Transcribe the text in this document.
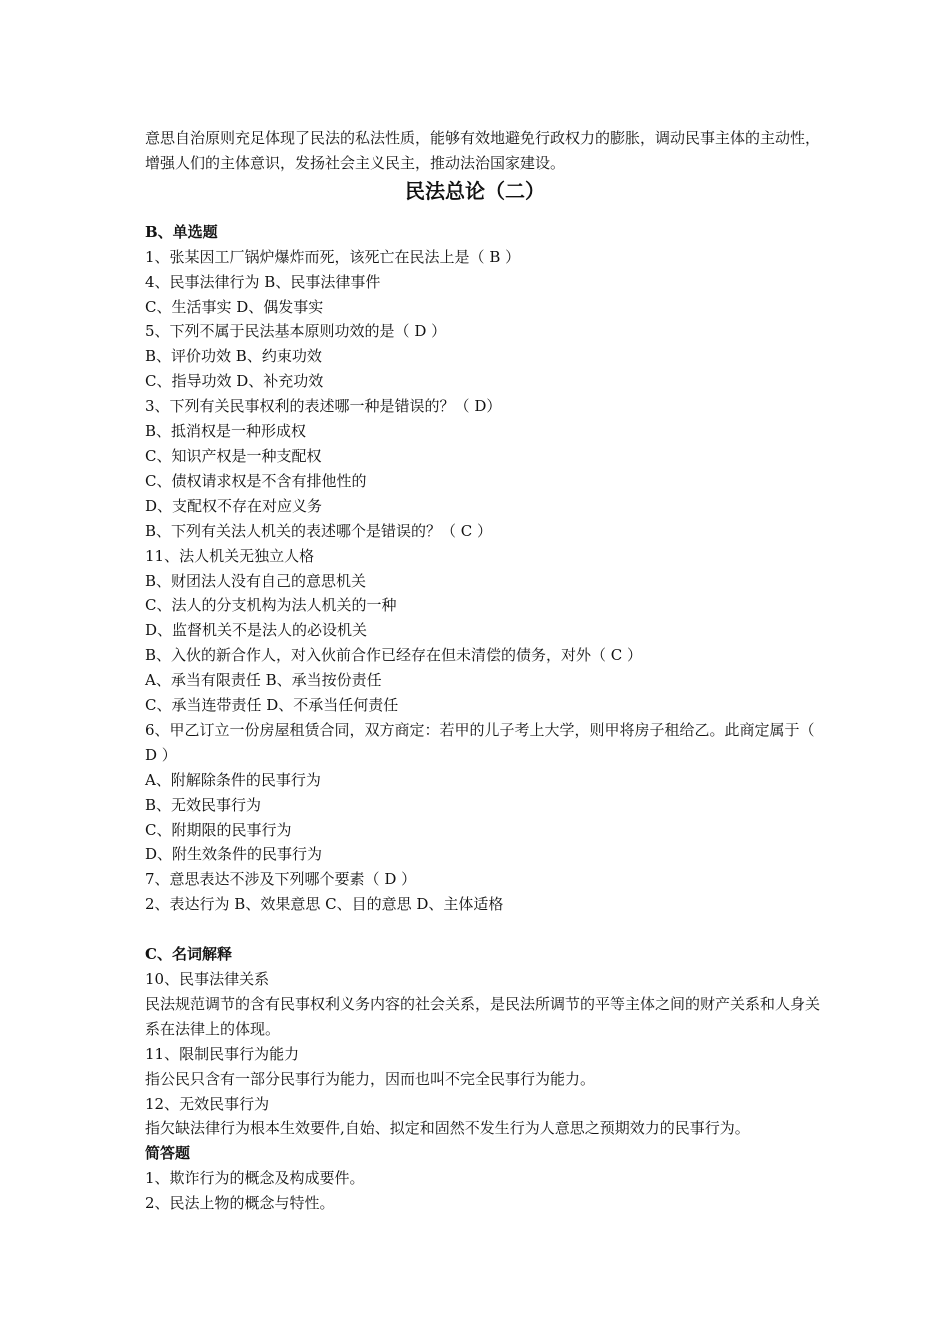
意思自治原则充足体现了民法的私法性质，能够有效地避免行政权力的膨胀，调动民事主体的主动性，增强人们的主体意识，发扬社会主义民主，推动法治国家建设。
民法总论（二）
B、单选题
1、张某因工厂锅炉爆炸而死，该死亡在民法上是（ B ）
4、民事法律行为 B、民事法律事件
C、生活事实 D、偶发事实
5、下列不属于民法基本原则功效的是（ D ）
B、评价功效 B、约束功效
C、指导功效 D、补充功效
3、下列有关民事权利的表述哪一种是错误的？（ D）
B、抵消权是一种形成权
C、知识产权是一种支配权
C、债权请求权是不含有排他性的
D、支配权不存在对应义务
B、下列有关法人机关的表述哪个是错误的？（ C ）
11、法人机关无独立人格
B、财团法人没有自己的意思机关
C、法人的分支机构为法人机关的一种
D、监督机关不是法人的必设机关
B、入伙的新合作人，对入伙前合作已经存在但未清偿的债务，对外（ C ）
A、承当有限责任 B、承当按份责任
C、承当连带责任 D、不承当任何责任
6、甲乙订立一份房屋租赁合同，双方商定：若甲的儿子考上大学，则甲将房子租给乙。此商定属于（ D ）
A、附解除条件的民事行为
B、无效民事行为
C、附期限的民事行为
D、附生效条件的民事行为
7、意思表达不涉及下列哪个要素（ D ）
2、表达行为 B、效果意思 C、目的意思 D、主体适格
C、名词解释
10、民事法律关系
民法规范调节的含有民事权利义务内容的社会关系，是民法所调节的平等主体之间的财产关系和人身关系在法律上的体现。
11、限制民事行为能力
指公民只含有一部分民事行为能力，因而也叫不完全民事行为能力。
12、无效民事行为
指欠缺法律行为根本生效要件,自始、拟定和固然不发生行为人意思之预期效力的民事行为。
简答题
1、欺诈行为的概念及构成要件。
2、民法上物的概念与特性。
